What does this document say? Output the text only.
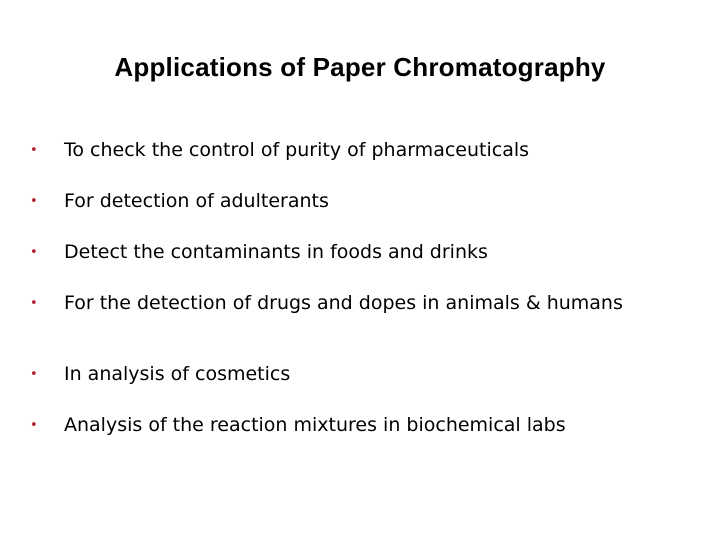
Applications of Paper Chromatography
•	To check the control of purity of pharmaceuticals
•	For detection of adulterants
•	Detect the contaminants in foods and drinks
•	For the detection of drugs and dopes in animals & humans
•	In analysis of cosmetics
•	Analysis of the reaction mixtures in biochemical labs
